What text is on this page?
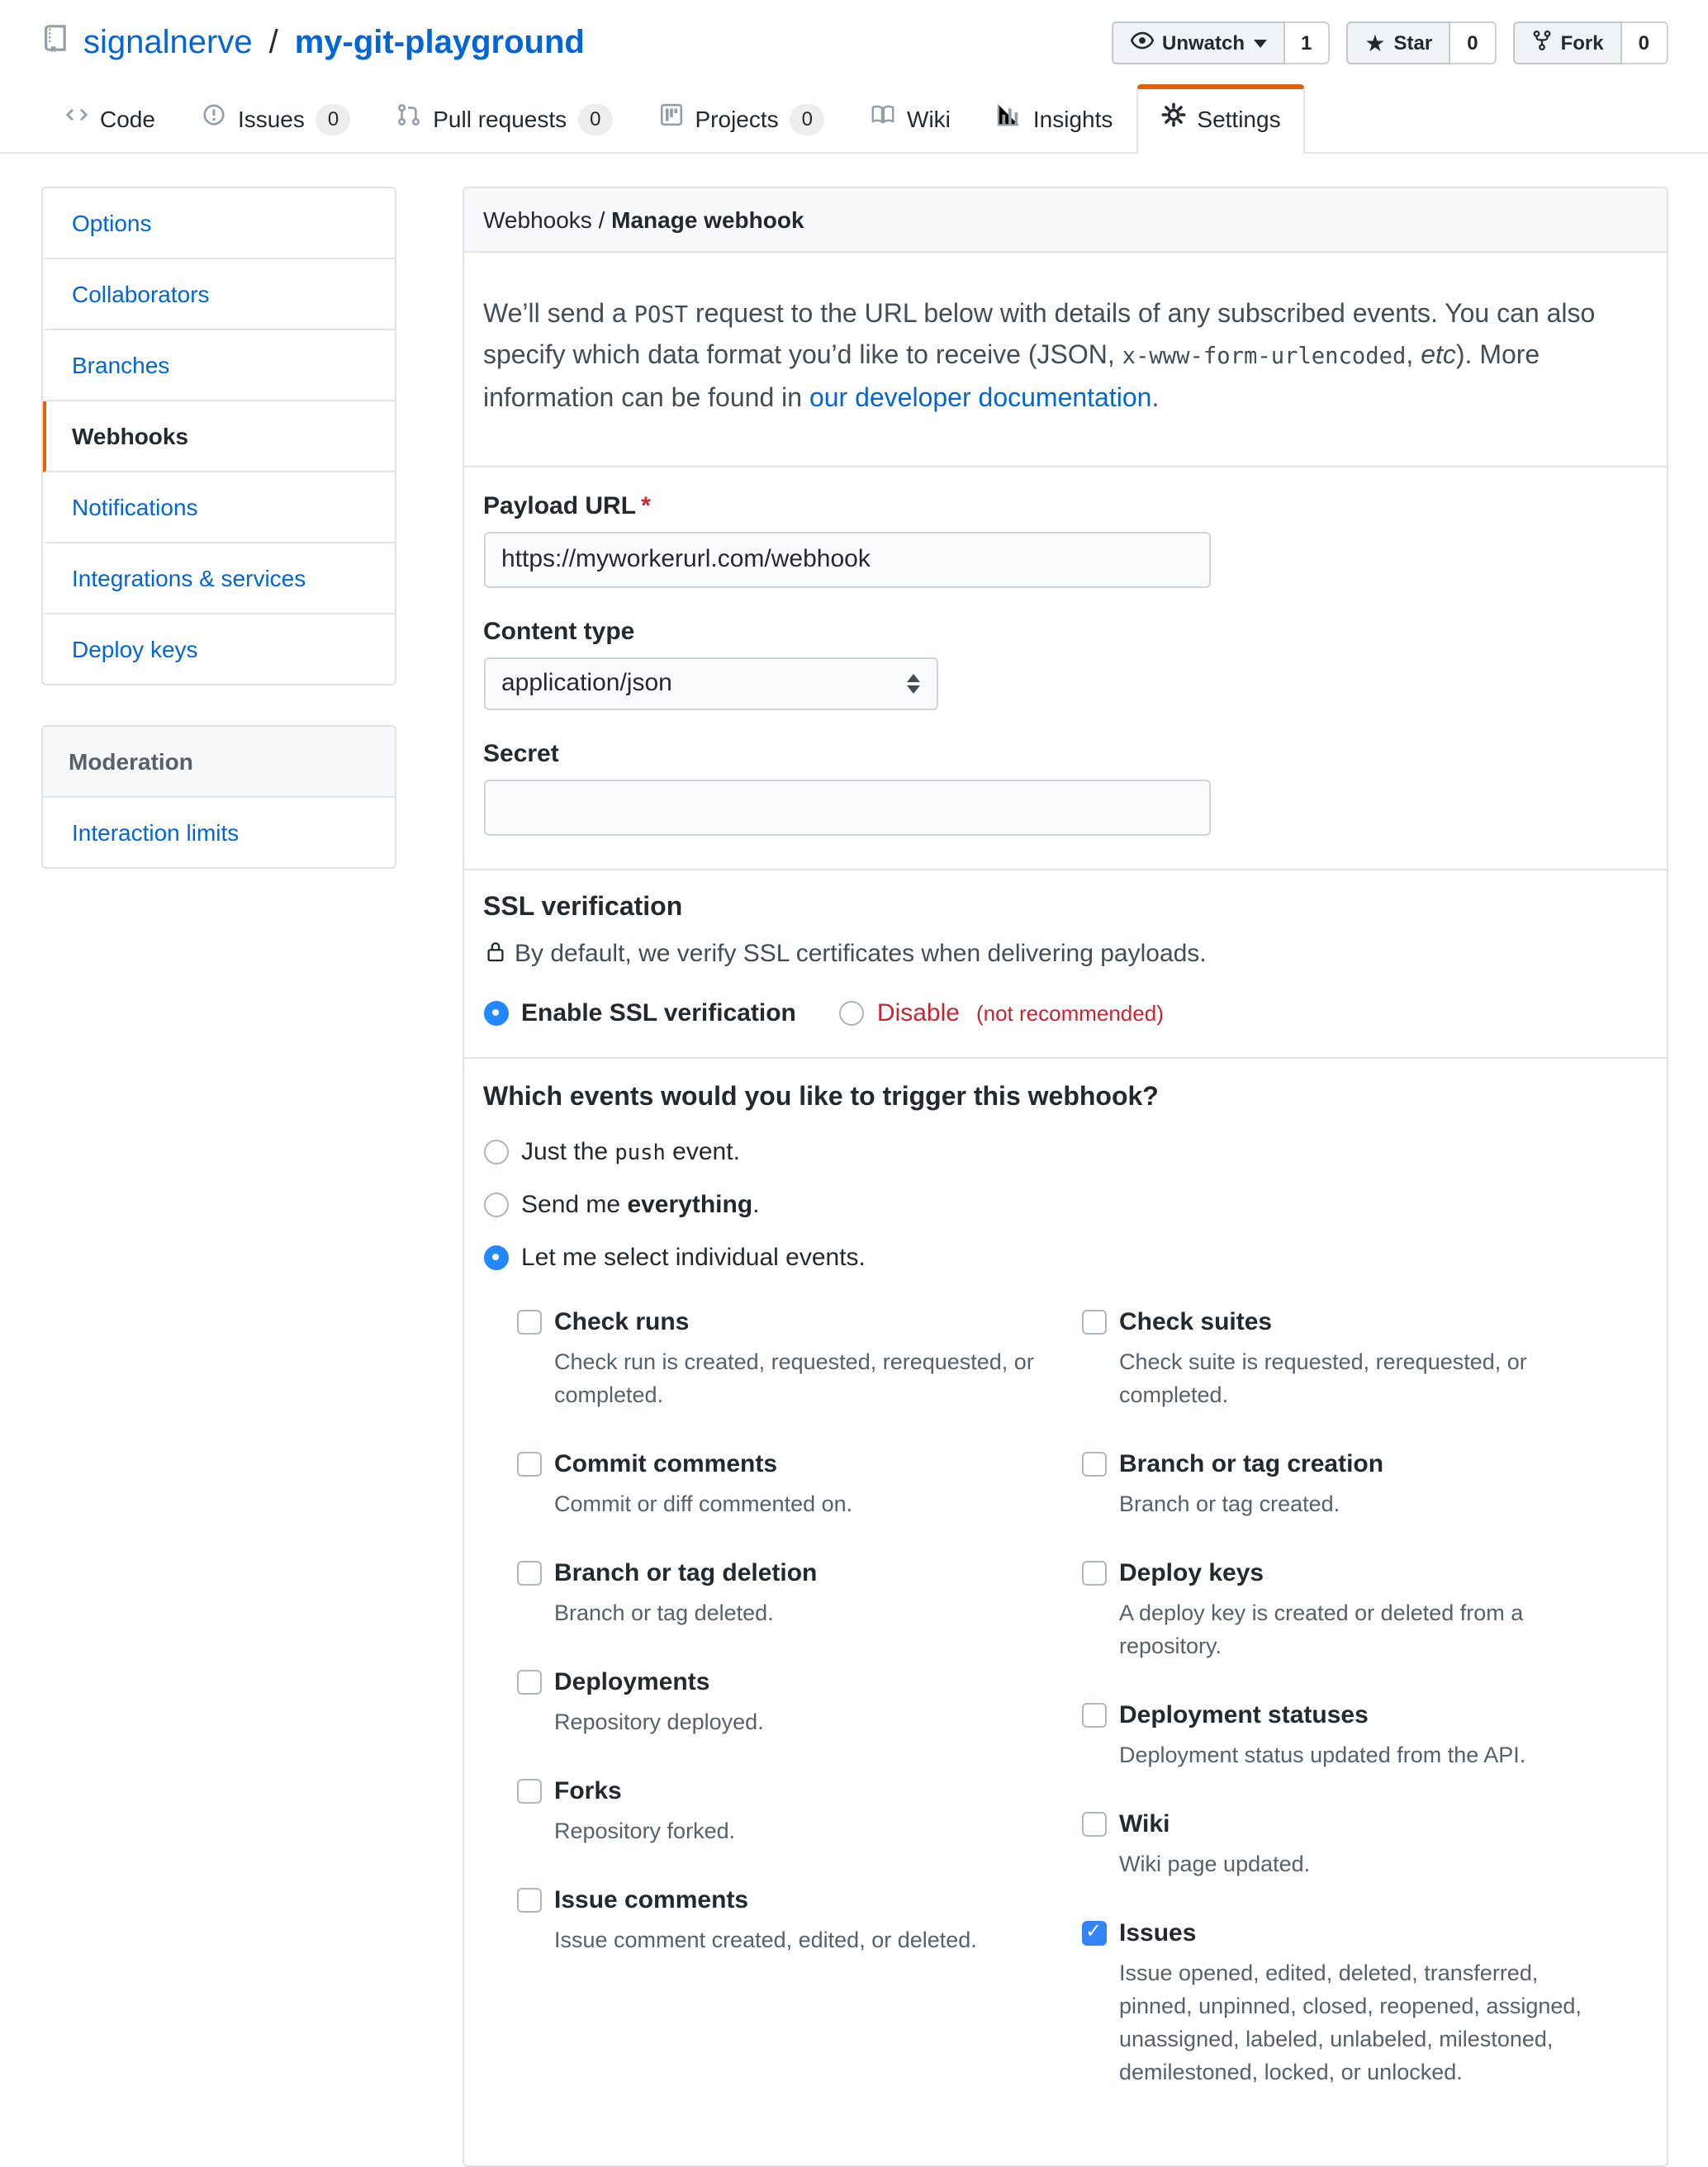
signalnerve / my-git-playground	Unwatch	1	★ Star	0	Fork	0
Code	Issues	0	Pull requests	0	Projects	0	Wiki	Insights	Settings
Options
Collaborators
Branches
Webhooks
Notifications
Integrations & services
Deploy keys
Moderation
Interaction limits
Webhooks / Manage webhook

We’ll send a POST request to the URL below with details of any subscribed events. You can also specify which data format you’d like to receive (JSON, x-www-form-urlencoded, etc). More information can be found in our developer documentation.

Payload URL *
https://myworkerurl.com/webhook
Content type
application/json
Secret
SSL verification
By default, we verify SSL certificates when delivering payloads.
Enable SSL verification	Disable (not recommended)
Which events would you like to trigger this webhook?
Just the push event.
Send me everything.
Let me select individual events.
Check runs
Check run is created, requested, rerequested, or completed.
Commit comments
Commit or diff commented on.
Branch or tag deletion
Branch or tag deleted.
Deployments
Repository deployed.
Forks
Repository forked.
Issue comments
Issue comment created, edited, or deleted.
Check suites
Check suite is requested, rerequested, or completed.
Branch or tag creation
Branch or tag created.
Deploy keys
A deploy key is created or deleted from a repository.
Deployment statuses
Deployment status updated from the API.
Wiki
Wiki page updated.
✓
Issues
Issue opened, edited, deleted, transferred, pinned, unpinned, closed, reopened, assigned, unassigned, labeled, unlabeled, milestoned, demilestoned, locked, or unlocked.
